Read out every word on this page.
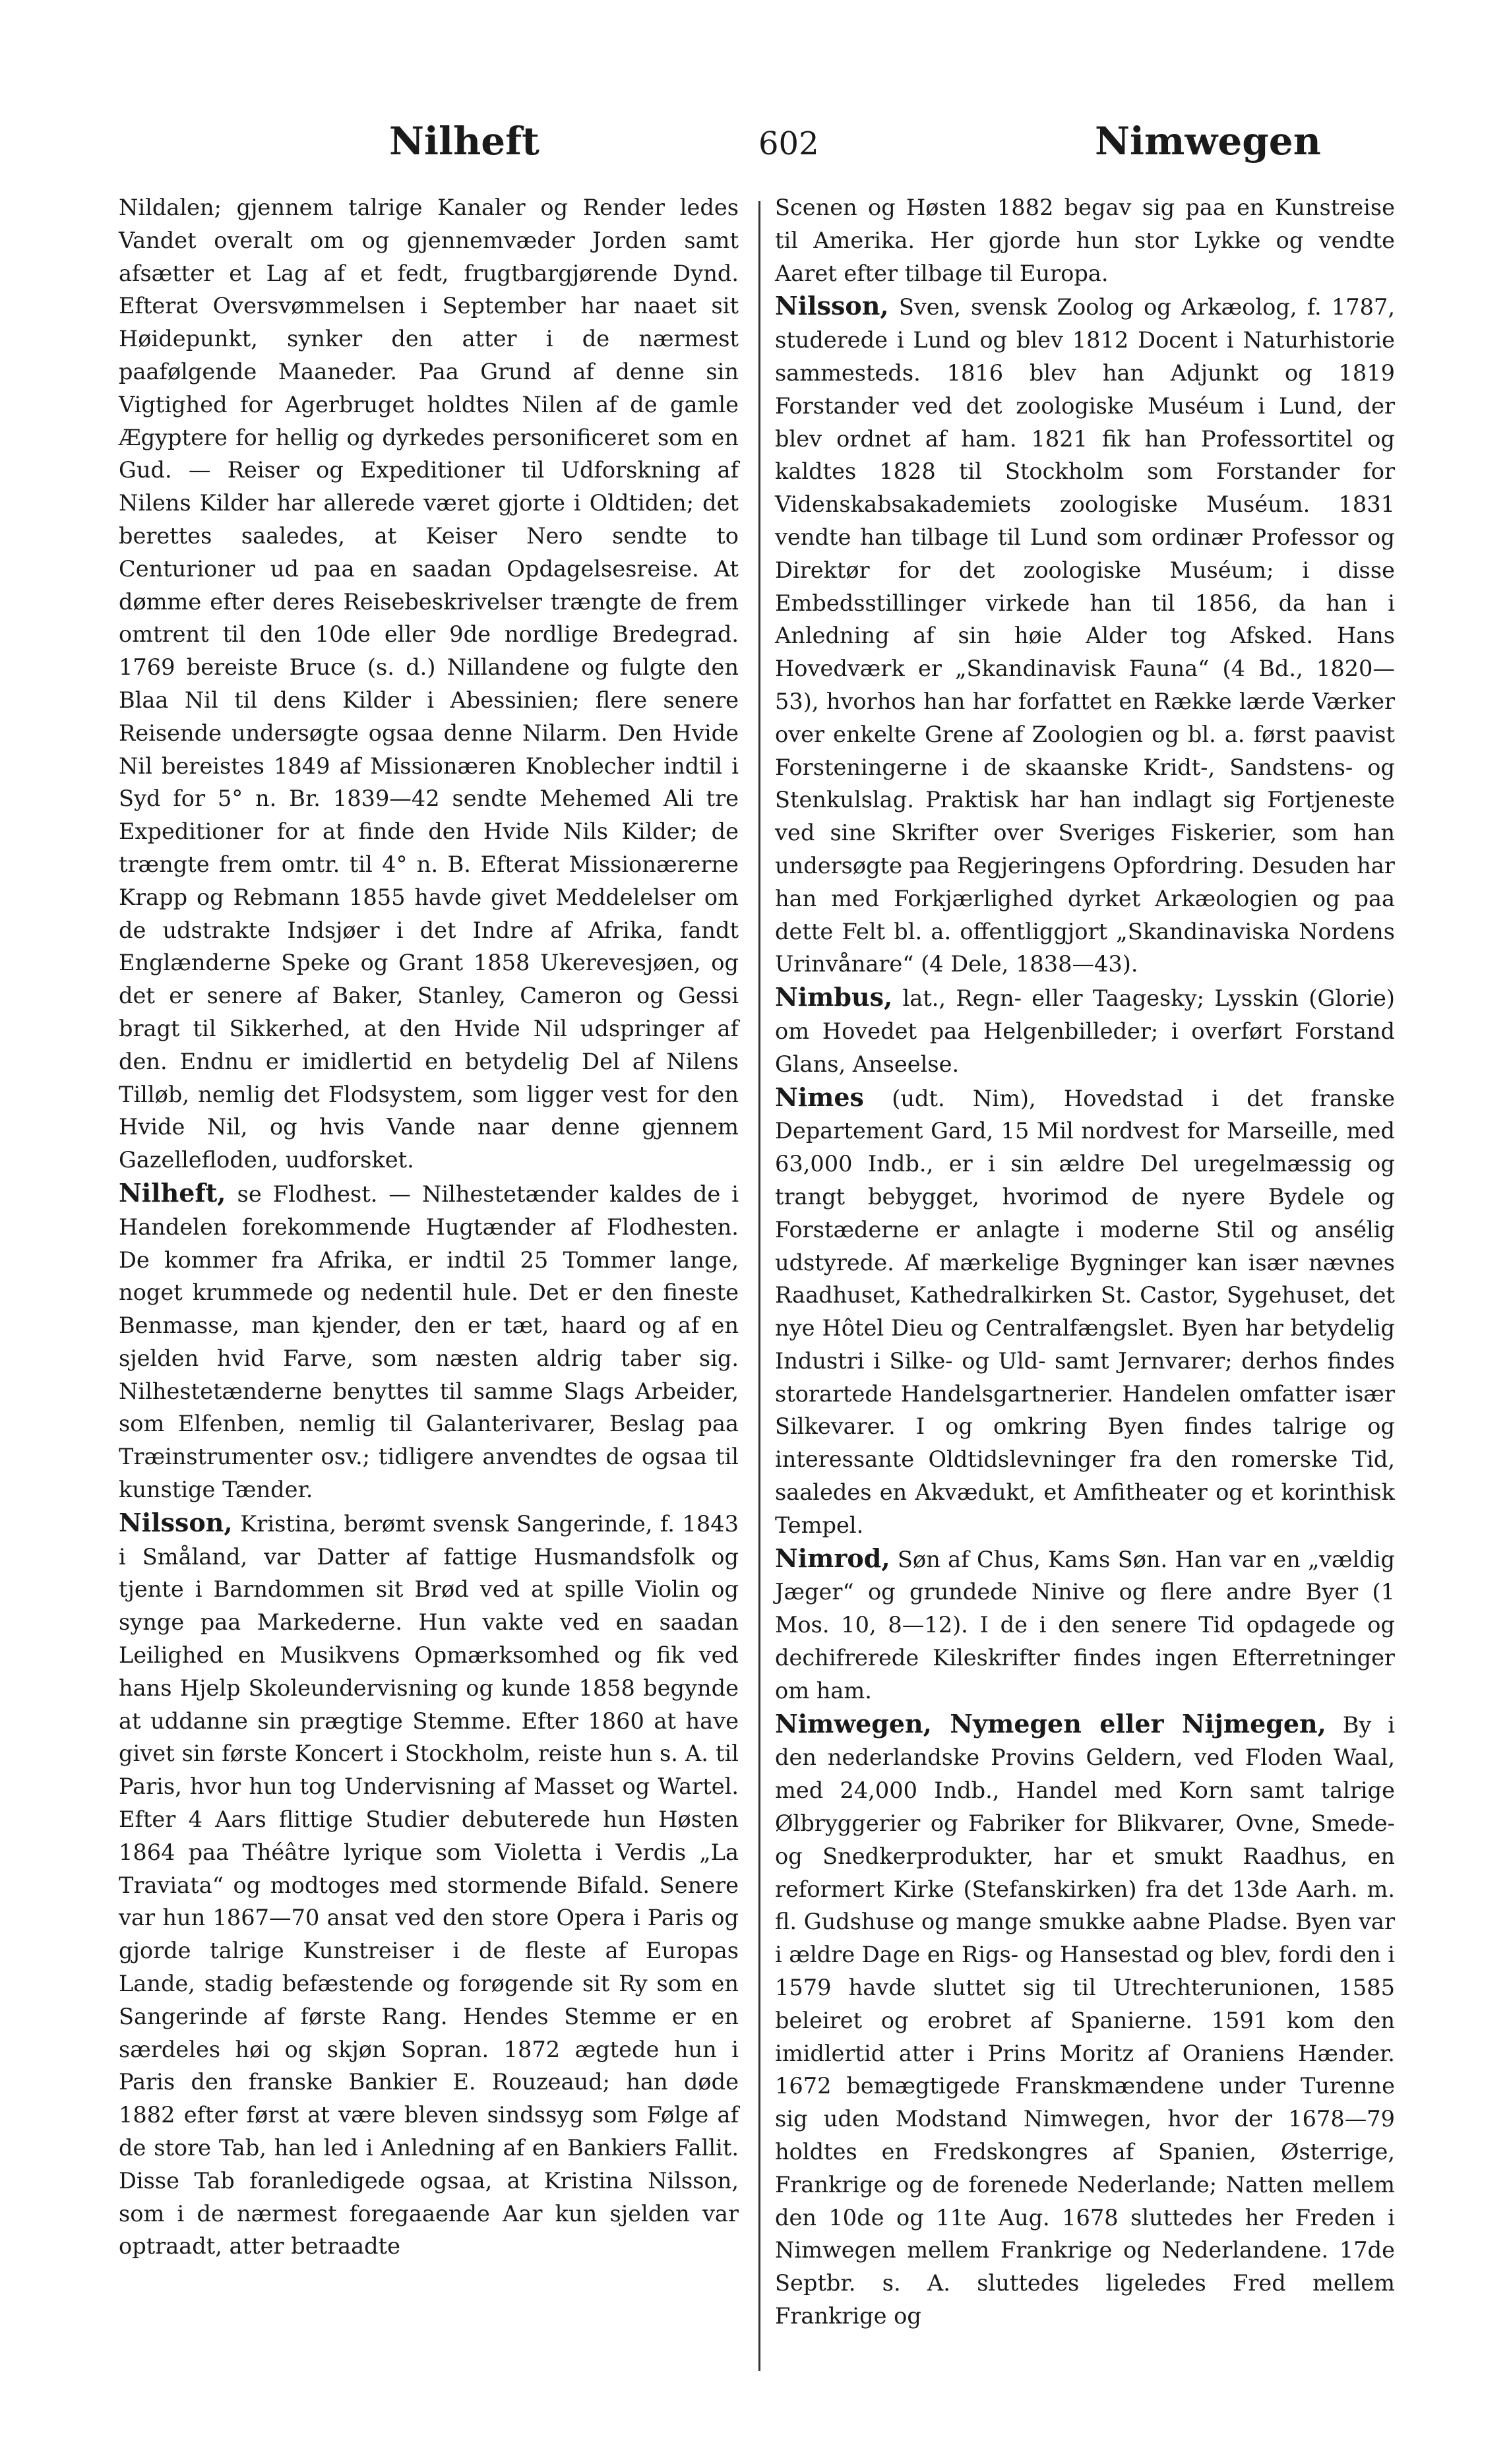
Nilheft	602	Nimwegen

Nildalen; gjennem talrige Kanaler og Render ledes Vandet overalt om og gjennemvæder Jorden samt afsætter et Lag af et fedt, frugtbargjørende Dynd. Efterat Oversvømmelsen i September har naaet sit Høidepunkt, synker den atter i de nærmest paafølgende Maaneder. Paa Grund af denne sin Vigtighed for Agerbruget holdtes Nilen af de gamle Ægyptere for hellig og dyrkedes personificeret som en Gud. — Reiser og Expeditioner til Udforskning af Nilens Kilder har allerede været gjorte i Oldtiden; det berettes saaledes, at Keiser Nero sendte to Centurioner ud paa en saadan Opdagelsesreise. At dømme efter deres Reisebeskrivelser trængte de frem omtrent til den 10de eller 9de nordlige Bredegrad. 1769 bereiste Bruce (s. d.) Nillandene og fulgte den Blaa Nil til dens Kilder i Abessinien; flere senere Reisende undersøgte ogsaa denne Nilarm. Den Hvide Nil bereistes 1849 af Missionæren Knoblecher indtil i Syd for 5° n. Br. 1839—42 sendte Mehemed Ali tre Expeditioner for at finde den Hvide Nils Kilder; de trængte frem omtr. til 4° n. B. Efterat Missionærerne Krapp og Rebmann 1855 havde givet Meddelelser om de udstrakte Indsjøer i det Indre af Afrika, fandt Englænderne Speke og Grant 1858 Ukerevesjøen, og det er senere af Baker, Stanley, Cameron og Gessi bragt til Sikkerhed, at den Hvide Nil udspringer af den. Endnu er imidlertid en betydelig Del af Nilens Tilløb, nemlig det Flodsystem, som ligger vest for den Hvide Nil, og hvis Vande naar denne gjennem Gazellefloden, uudforsket.

Nilheft, se Flodhest. — Nilhestetænder kaldes de i Handelen forekommende Hugtænder af Flodhesten. De kommer fra Afrika, er indtil 25 Tommer lange, noget krummede og nedentil hule. Det er den fineste Benmasse, man kjender, den er tæt, haard og af en sjelden hvid Farve, som næsten aldrig taber sig. Nilhestetænderne benyttes til samme Slags Arbeider, som Elfenben, nemlig til Galanterivarer, Beslag paa Træinstrumenter osv.; tidligere anvendtes de ogsaa til kunstige Tænder.

Nilsson, Kristina, berømt svensk Sangerinde, f. 1843 i Småland, var Datter af fattige Husmandsfolk og tjente i Barndommen sit Brød ved at spille Violin og synge paa Markederne. Hun vakte ved en saadan Leilighed en Musikvens Opmærksomhed og fik ved hans Hjelp Skoleundervisning og kunde 1858 begynde at uddanne sin prægtige Stemme. Efter 1860 at have givet sin første Koncert i Stockholm, reiste hun s. A. til Paris, hvor hun tog Undervisning af Masset og Wartel. Efter 4 Aars flittige Studier debuterede hun Høsten 1864 paa Théâtre lyrique som Violetta i Verdis „La Traviata“ og modtoges med stormende Bifald. Senere var hun 1867—70 ansat ved den store Opera i Paris og gjorde talrige Kunstreiser i de fleste af Europas Lande, stadig befæstende og forøgende sit Ry som en Sangerinde af første Rang. Hendes Stemme er en særdeles høi og skjøn Sopran. 1872 ægtede hun i Paris den franske Bankier E. Rouzeaud; han døde 1882 efter først at være bleven sindssyg som Følge af de store Tab, han led i Anledning af en Bankiers Fallit. Disse Tab foranledigede ogsaa, at Kristina Nilsson, som i de nærmest foregaaende Aar kun sjelden var optraadt, atter betraadte

Scenen og Høsten 1882 begav sig paa en Kunstreise til Amerika. Her gjorde hun stor Lykke og vendte Aaret efter tilbage til Europa.

Nilsson, Sven, svensk Zoolog og Arkæolog, f. 1787, studerede i Lund og blev 1812 Docent i Naturhistorie sammesteds. 1816 blev han Adjunkt og 1819 Forstander ved det zoologiske Muséum i Lund, der blev ordnet af ham. 1821 fik han Professortitel og kaldtes 1828 til Stockholm som Forstander for Videnskabsakademiets zoologiske Muséum. 1831 vendte han tilbage til Lund som ordinær Professor og Direktør for det zoologiske Muséum; i disse Embedsstillinger virkede han til 1856, da han i Anledning af sin høie Alder tog Afsked. Hans Hovedværk er „Skandinavisk Fauna“ (4 Bd., 1820—53), hvorhos han har forfattet en Række lærde Værker over enkelte Grene af Zoologien og bl. a. først paavist Forsteningerne i de skaanske Kridt-, Sandstens- og Stenkulslag. Praktisk har han indlagt sig Fortjeneste ved sine Skrifter over Sveriges Fiskerier, som han undersøgte paa Regjeringens Opfordring. Desuden har han med Forkjærlighed dyrket Arkæologien og paa dette Felt bl. a. offentliggjort „Skandinaviska Nordens Urinvånare“ (4 Dele, 1838—43).

Nimbus, lat., Regn- eller Taagesky; Lysskin (Glorie) om Hovedet paa Helgenbilleder; i overført Forstand Glans, Anseelse.

Nimes (udt. Nim), Hovedstad i det franske Departement Gard, 15 Mil nordvest for Marseille, med 63,000 Indb., er i sin ældre Del uregelmæssig og trangt bebygget, hvorimod de nyere Bydele og Forstæderne er anlagte i moderne Stil og ansélig udstyrede. Af mærkelige Bygninger kan især nævnes Raadhuset, Kathedralkirken St. Castor, Sygehuset, det nye Hôtel Dieu og Centralfængslet. Byen har betydelig Industri i Silke- og Uld- samt Jernvarer; derhos findes storartede Handelsgartnerier. Handelen omfatter især Silkevarer. I og omkring Byen findes talrige og interessante Oldtidslevninger fra den romerske Tid, saaledes en Akvædukt, et Amfitheater og et korinthisk Tempel.

Nimrod, Søn af Chus, Kams Søn. Han var en „vældig Jæger“ og grundede Ninive og flere andre Byer (1 Mos. 10, 8—12). I de i den senere Tid opdagede og dechifrerede Kileskrifter findes ingen Efterretninger om ham.

Nimwegen, Nymegen eller Nijmegen, By i den nederlandske Provins Geldern, ved Floden Waal, med 24,000 Indb., Handel med Korn samt talrige Ølbryggerier og Fabriker for Blikvarer, Ovne, Smede- og Snedkerprodukter, har et smukt Raadhus, en reformert Kirke (Stefanskirken) fra det 13de Aarh. m. fl. Gudshuse og mange smukke aabne Pladse. Byen var i ældre Dage en Rigs- og Hansestad og blev, fordi den i 1579 havde sluttet sig til Utrechterunionen, 1585 beleiret og erobret af Spanierne. 1591 kom den imidlertid atter i Prins Moritz af Oraniens Hænder. 1672 bemægtigede Franskmændene under Turenne sig uden Modstand Nimwegen, hvor der 1678—79 holdtes en Fredskongres af Spanien, Østerrige, Frankrige og de forenede Nederlande; Natten mellem den 10de og 11te Aug. 1678 sluttedes her Freden i Nimwegen mellem Frankrige og Nederlandene. 17de Septbr. s. A. sluttedes ligeledes Fred mellem Frankrige og
